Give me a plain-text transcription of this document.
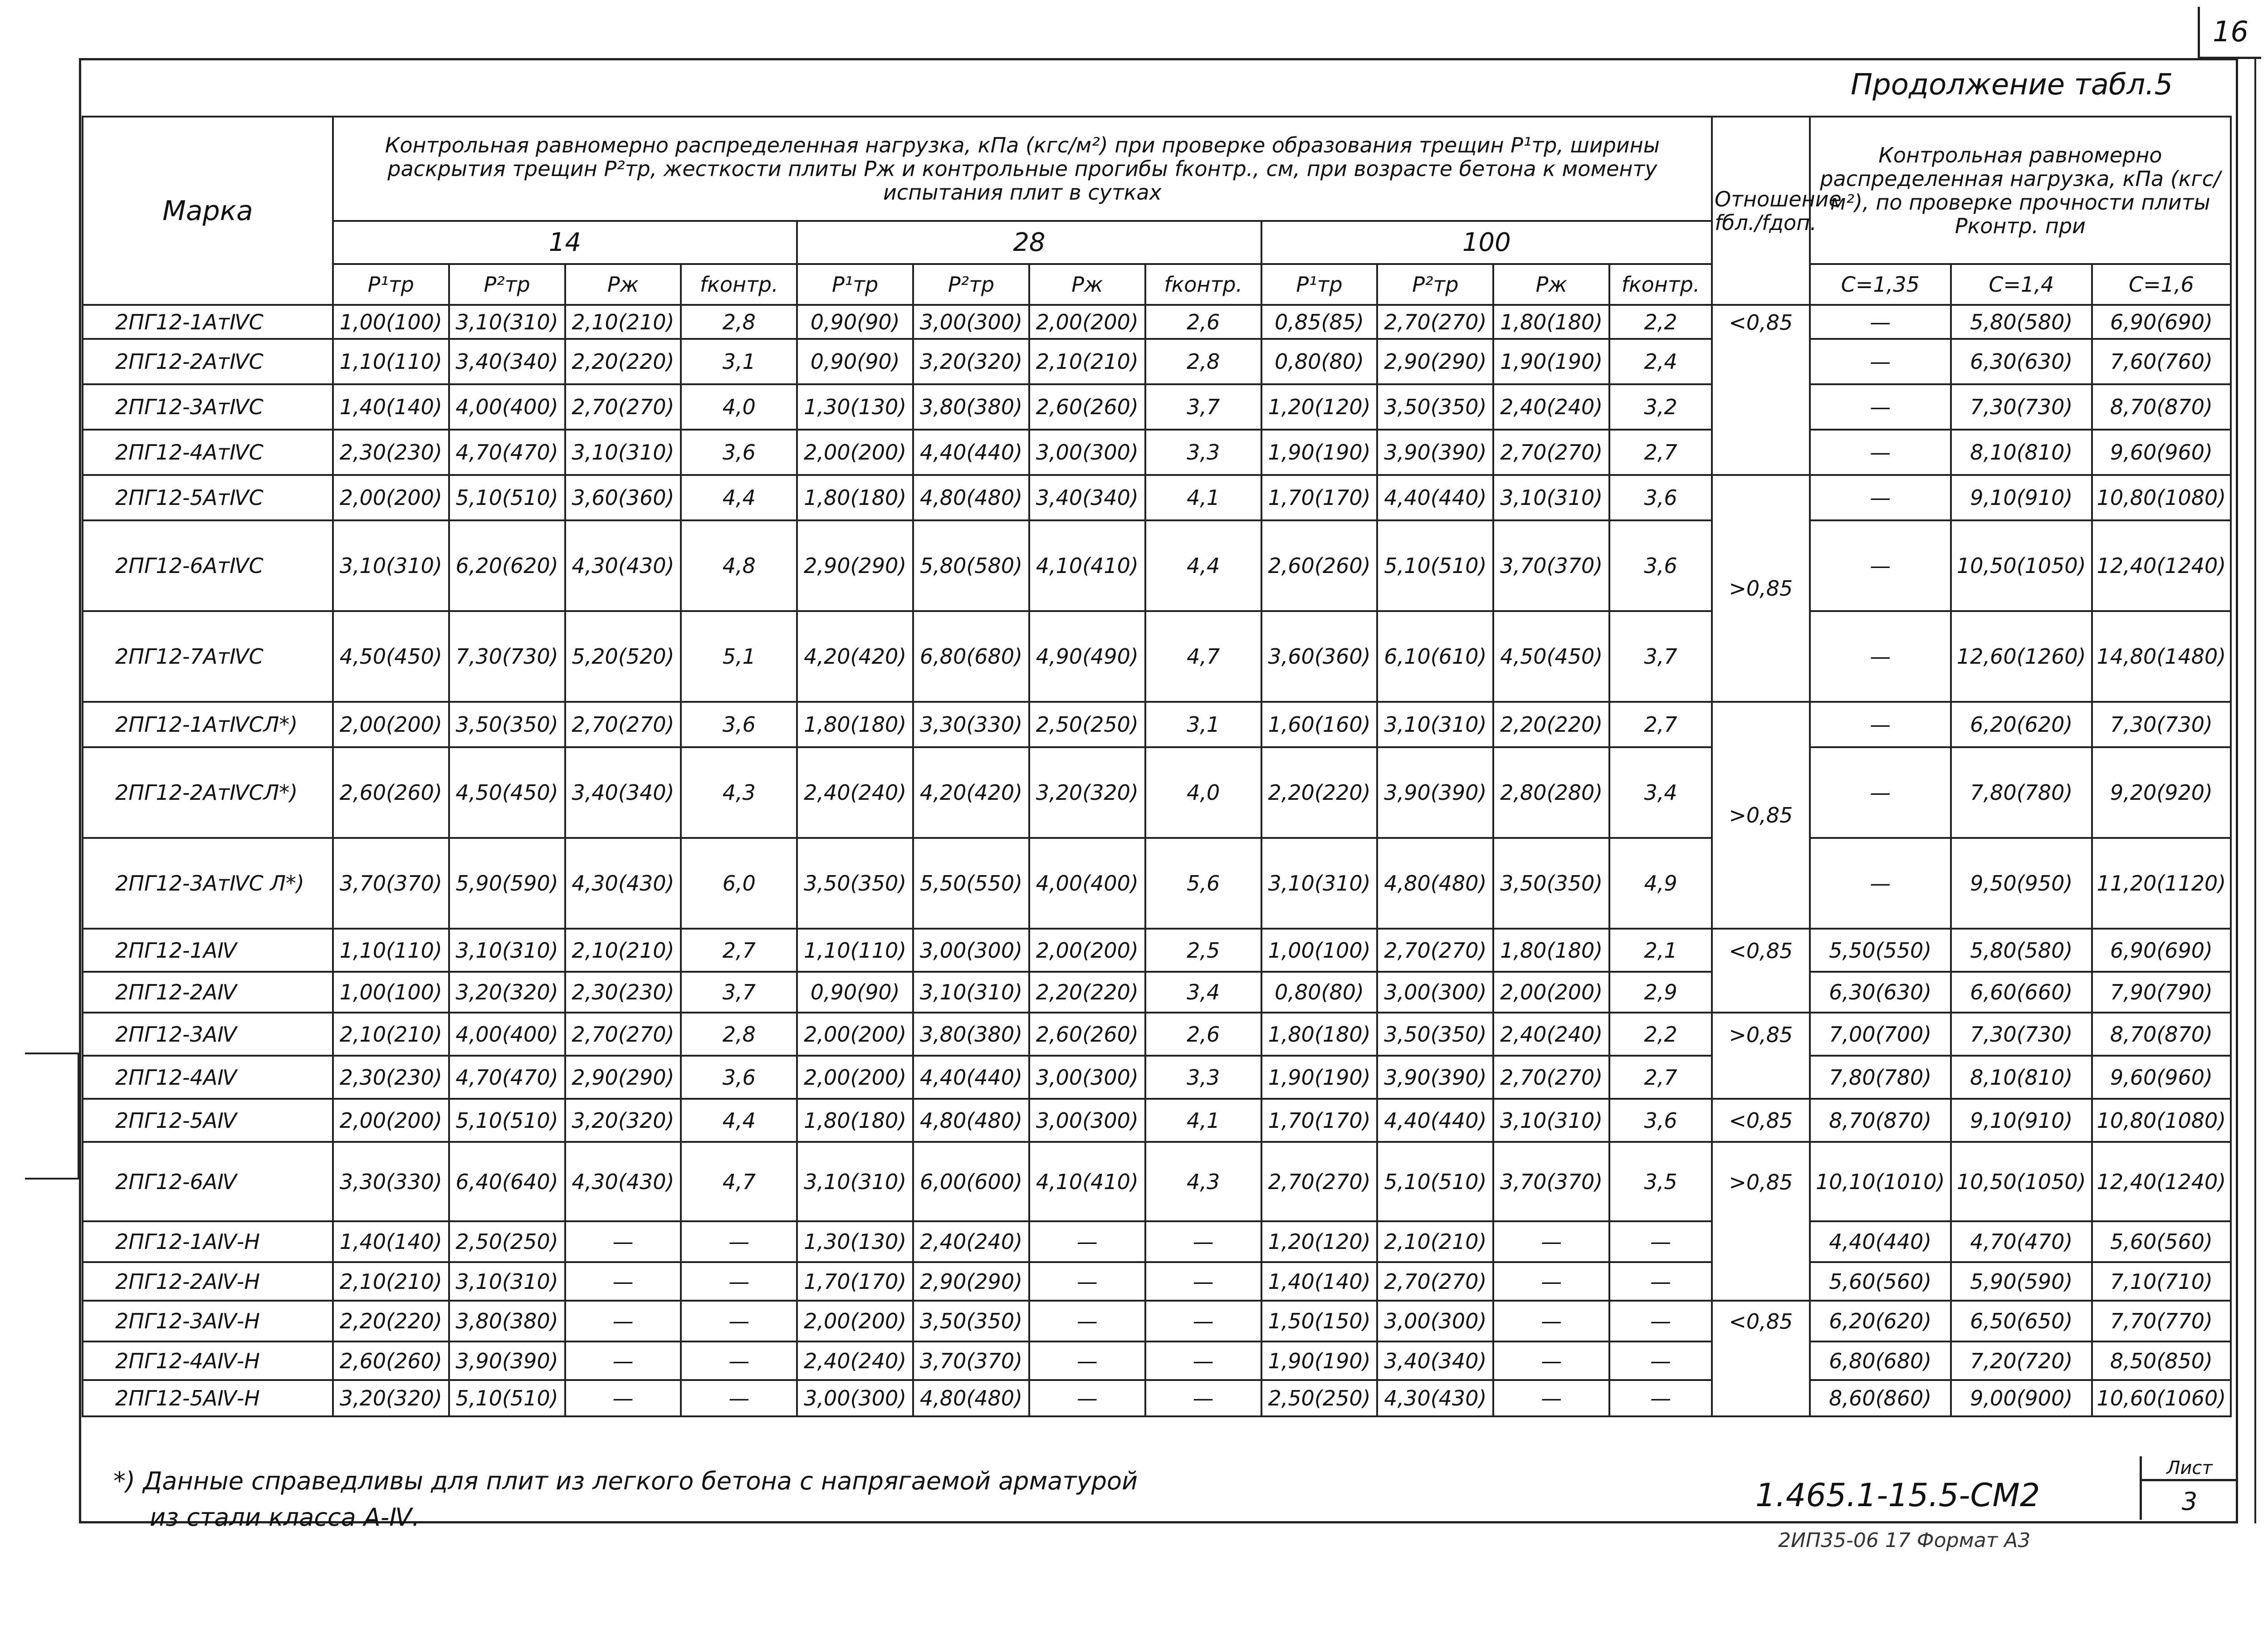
16
Продолжение табл.5
Марка	Контрольная равномерно распределенная нагрузка, кПа (кгс/м²) при проверке образования трещин P¹тр, ширины раскрытия трещин P²тр, жесткости плиты Pж и контрольные прогибы fконтр., см, при возрасте бетона к моменту испытания плит в сутках												Отношение fбл./fдоп.	Контрольная равномерно распределенная нагрузка, кПа (кгс/м²), по проверке прочности плиты Pконтр. при		
	14				28				100							
	P¹тр	P²тр	Pж	fконтр.	P¹тр	P²тр	Pж	fконтр.	P¹тр	P²тр	Pж	fконтр.		C=1,35	C=1,4	C=1,6
2ПГ12-1АтⅣС	1,00(100)	3,10(310)	2,10(210)	2,8	0,90(90)	3,00(300)	2,00(200)	2,6	0,85(85)	2,70(270)	1,80(180)	2,2	<0,85	—	5,80(580)	6,90(690)
2ПГ12-2АтⅣС	1,10(110)	3,40(340)	2,20(220)	3,1	0,90(90)	3,20(320)	2,10(210)	2,8	0,80(80)	2,90(290)	1,90(190)	2,4		—	6,30(630)	7,60(760)
2ПГ12-3АтⅣС	1,40(140)	4,00(400)	2,70(270)	4,0	1,30(130)	3,80(380)	2,60(260)	3,7	1,20(120)	3,50(350)	2,40(240)	3,2		—	7,30(730)	8,70(870)
2ПГ12-4АтⅣС	2,30(230)	4,70(470)	3,10(310)	3,6	2,00(200)	4,40(440)	3,00(300)	3,3	1,90(190)	3,90(390)	2,70(270)	2,7		—	8,10(810)	9,60(960)
2ПГ12-5АтⅣС	2,00(200)	5,10(510)	3,60(360)	4,4	1,80(180)	4,80(480)	3,40(340)	4,1	1,70(170)	4,40(440)	3,10(310)	3,6	>0,85	—	9,10(910)	10,80(1080)
2ПГ12-6АтⅣС	3,10(310)	6,20(620)	4,30(430)	4,8	2,90(290)	5,80(580)	4,10(410)	4,4	2,60(260)	5,10(510)	3,70(370)	3,6		—	10,50(1050)	12,40(1240)
2ПГ12-7АтⅣС	4,50(450)	7,30(730)	5,20(520)	5,1	4,20(420)	6,80(680)	4,90(490)	4,7	3,60(360)	6,10(610)	4,50(450)	3,7		—	12,60(1260)	14,80(1480)
2ПГ12-1АтⅣСЛ*)	2,00(200)	3,50(350)	2,70(270)	3,6	1,80(180)	3,30(330)	2,50(250)	3,1	1,60(160)	3,10(310)	2,20(220)	2,7	>0,85	—	6,20(620)	7,30(730)
2ПГ12-2АтⅣСЛ*)	2,60(260)	4,50(450)	3,40(340)	4,3	2,40(240)	4,20(420)	3,20(320)	4,0	2,20(220)	3,90(390)	2,80(280)	3,4		—	7,80(780)	9,20(920)
2ПГ12-3АтⅣС Л*)	3,70(370)	5,90(590)	4,30(430)	6,0	3,50(350)	5,50(550)	4,00(400)	5,6	3,10(310)	4,80(480)	3,50(350)	4,9		—	9,50(950)	11,20(1120)
2ПГ12-1АⅣ	1,10(110)	3,10(310)	2,10(210)	2,7	1,10(110)	3,00(300)	2,00(200)	2,5	1,00(100)	2,70(270)	1,80(180)	2,1	<0,85	5,50(550)	5,80(580)	6,90(690)
2ПГ12-2АⅣ	1,00(100)	3,20(320)	2,30(230)	3,7	0,90(90)	3,10(310)	2,20(220)	3,4	0,80(80)	3,00(300)	2,00(200)	2,9		6,30(630)	6,60(660)	7,90(790)
2ПГ12-3АⅣ	2,10(210)	4,00(400)	2,70(270)	2,8	2,00(200)	3,80(380)	2,60(260)	2,6	1,80(180)	3,50(350)	2,40(240)	2,2	>0,85	7,00(700)	7,30(730)	8,70(870)
2ПГ12-4АⅣ	2,30(230)	4,70(470)	2,90(290)	3,6	2,00(200)	4,40(440)	3,00(300)	3,3	1,90(190)	3,90(390)	2,70(270)	2,7		7,80(780)	8,10(810)	9,60(960)
2ПГ12-5АⅣ	2,00(200)	5,10(510)	3,20(320)	4,4	1,80(180)	4,80(480)	3,00(300)	4,1	1,70(170)	4,40(440)	3,10(310)	3,6	<0,85	8,70(870)	9,10(910)	10,80(1080)
2ПГ12-6АⅣ	3,30(330)	6,40(640)	4,30(430)	4,7	3,10(310)	6,00(600)	4,10(410)	4,3	2,70(270)	5,10(510)	3,70(370)	3,5	>0,85	10,10(1010)	10,50(1050)	12,40(1240)
2ПГ12-1АⅣ-Н	1,40(140)	2,50(250)	—	—	1,30(130)	2,40(240)	—	—	1,20(120)	2,10(210)	—	—		4,40(440)	4,70(470)	5,60(560)
2ПГ12-2АⅣ-Н	2,10(210)	3,10(310)	—	—	1,70(170)	2,90(290)	—	—	1,40(140)	2,70(270)	—	—		5,60(560)	5,90(590)	7,10(710)
2ПГ12-3АⅣ-Н	2,20(220)	3,80(380)	—	—	2,00(200)	3,50(350)	—	—	1,50(150)	3,00(300)	—	—	<0,85	6,20(620)	6,50(650)	7,70(770)
2ПГ12-4АⅣ-Н	2,60(260)	3,90(390)	—	—	2,40(240)	3,70(370)	—	—	1,90(190)	3,40(340)	—	—		6,80(680)	7,20(720)	8,50(850)
2ПГ12-5АⅣ-Н	3,20(320)	5,10(510)	—	—	3,00(300)	4,80(480)	—	—	2,50(250)	4,30(430)	—	—		8,60(860)	9,00(900)	10,60(1060)
*) Данные справедливы для плит из легкого бетона с напрягаемой арматурой
из стали класса А-Ⅳ.
1.465.1-15.5-СМ2
Лист
3
2ИП35-06 17 Формат А3
